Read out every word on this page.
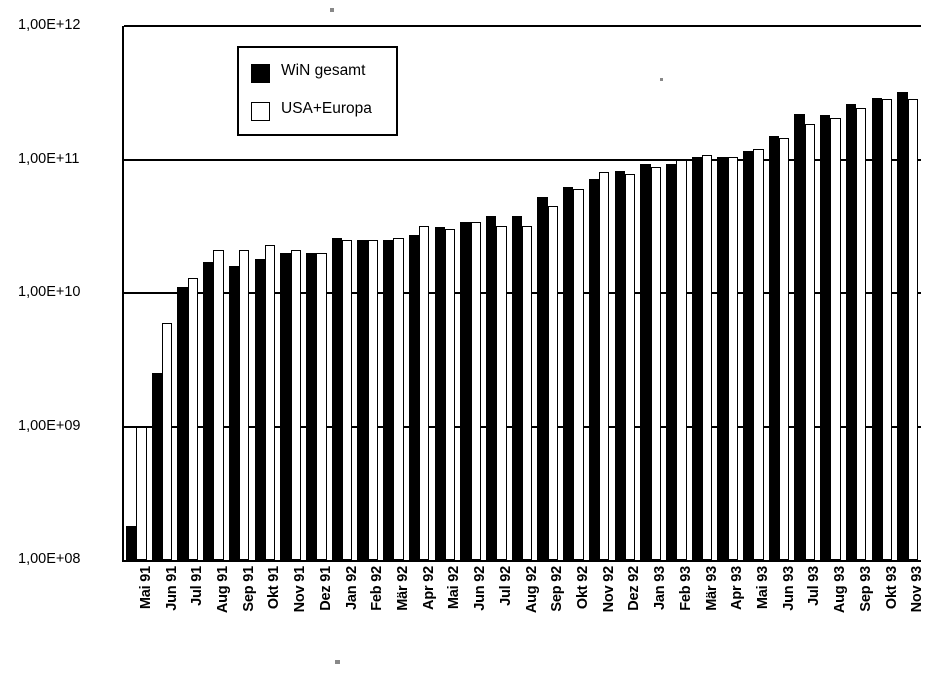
1,00E+12
1,00E+11
1,00E+10
1,00E+09
1,00E+08
Mai 91 Jun 91 Jul 91 Aug 91 Sep 91 Okt 91 Nov 91 Dez 91 Jan 92 Feb 92 Mär 92 Apr 92 Mai 92 Jun 92 Jul 92 Aug 92 Sep 92 Okt 92 Nov 92 Dez 92 Jan 93 Feb 93 Mär 93 Apr 93 Mai 93 Jun 93 Jul 93 Aug 93 Sep 93 Okt 93 Nov 93
WiN gesamt
USA+Europa
